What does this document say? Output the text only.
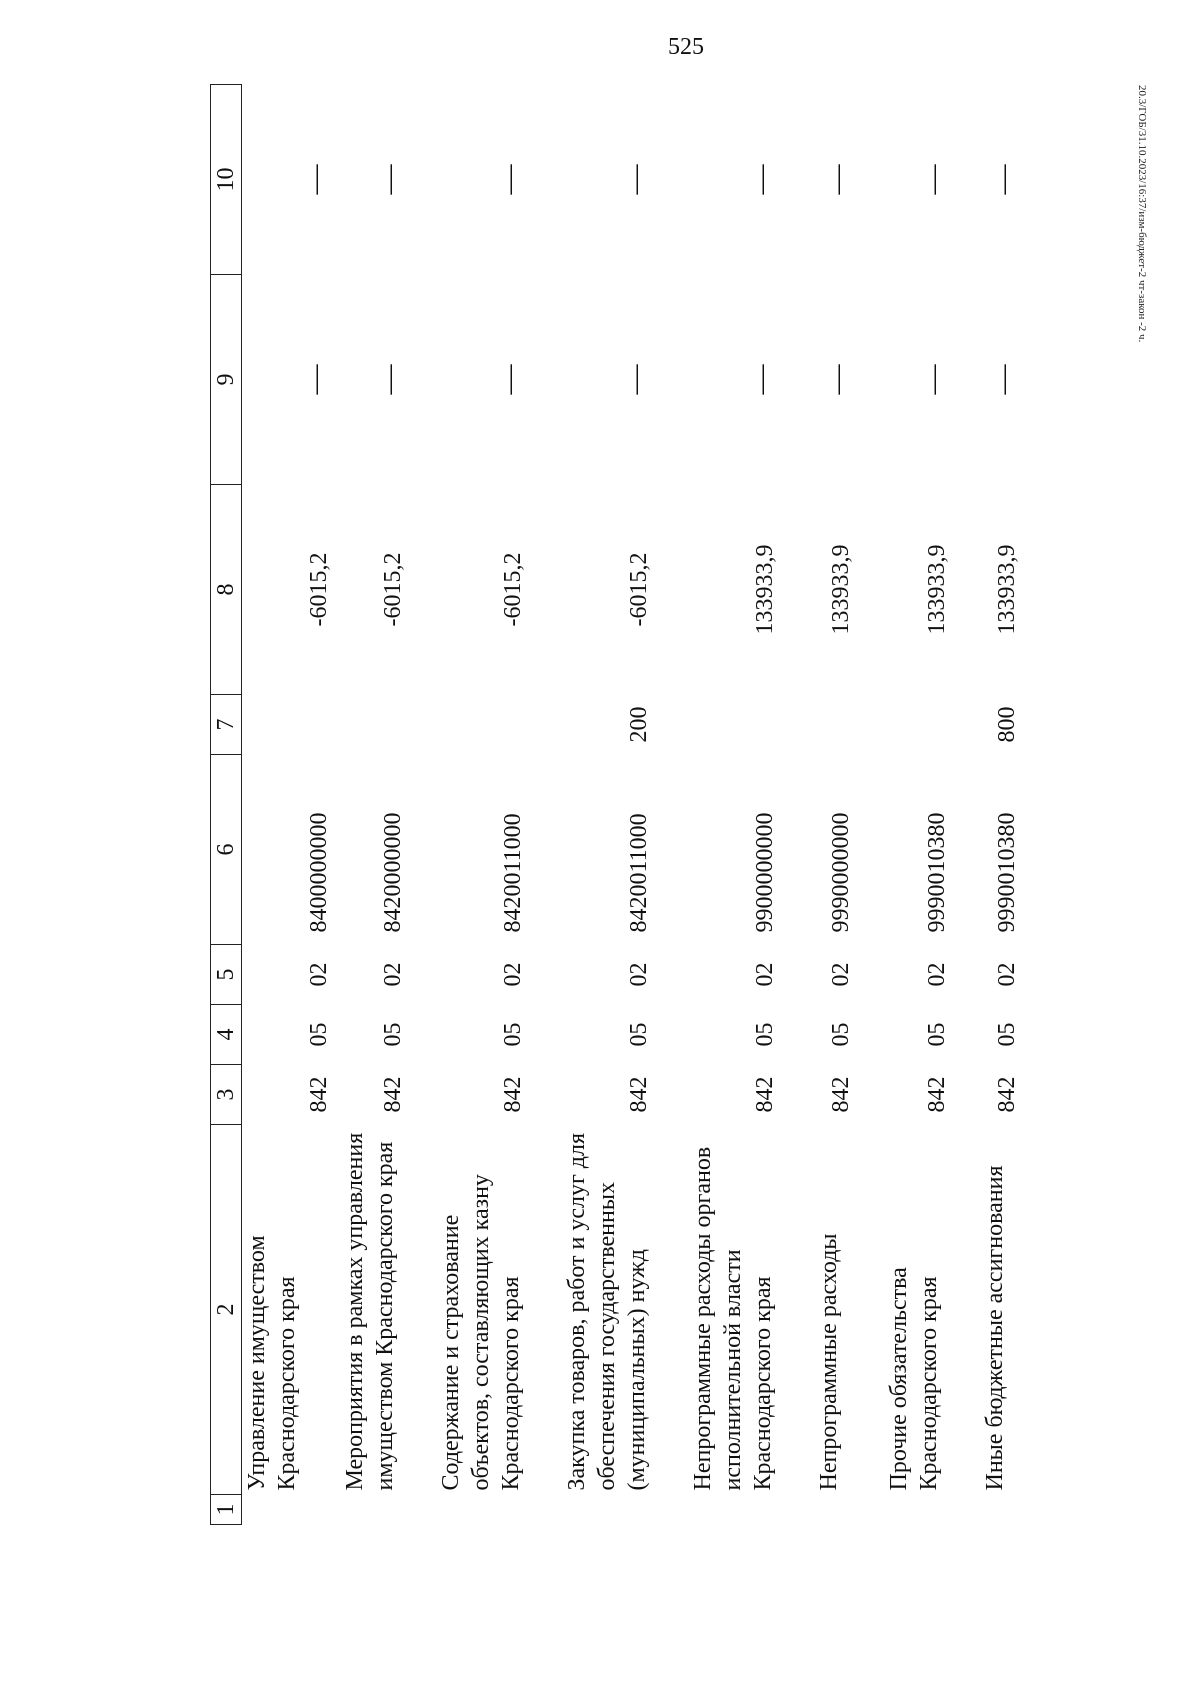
525
20.3/ГОБ/31.10.2023/16:37/изм-бюджет-2 чт-закон -2 ч.
1	2	3	4	5	6	7	8	9	10
	Управление имуществом Краснодарского края	842	05	02	8400000000		-6015,2	—	—
	Мероприятия в рамках управления имуществом Краснодарского края	842	05	02	8420000000		-6015,2	—	—
	Содержание и страхование объектов, составляющих казну Краснодарского края	842	05	02	8420011000		-6015,2	—	—
	Закупка товаров, работ и услуг для обеспечения государственных (муниципальных) нужд	842	05	02	8420011000	200	-6015,2	—	—
	Непрограммные расходы органов исполнительной власти Краснодарского края	842	05	02	9900000000		133933,9	—	—
	Непрограммные расходы	842	05	02	9990000000		133933,9	—	—
	Прочие обязательства Краснодарского края	842	05	02	9990010380		133933,9	—	—
	Иные бюджетные ассигнования	842	05	02	9990010380	800	133933,9	—	—
